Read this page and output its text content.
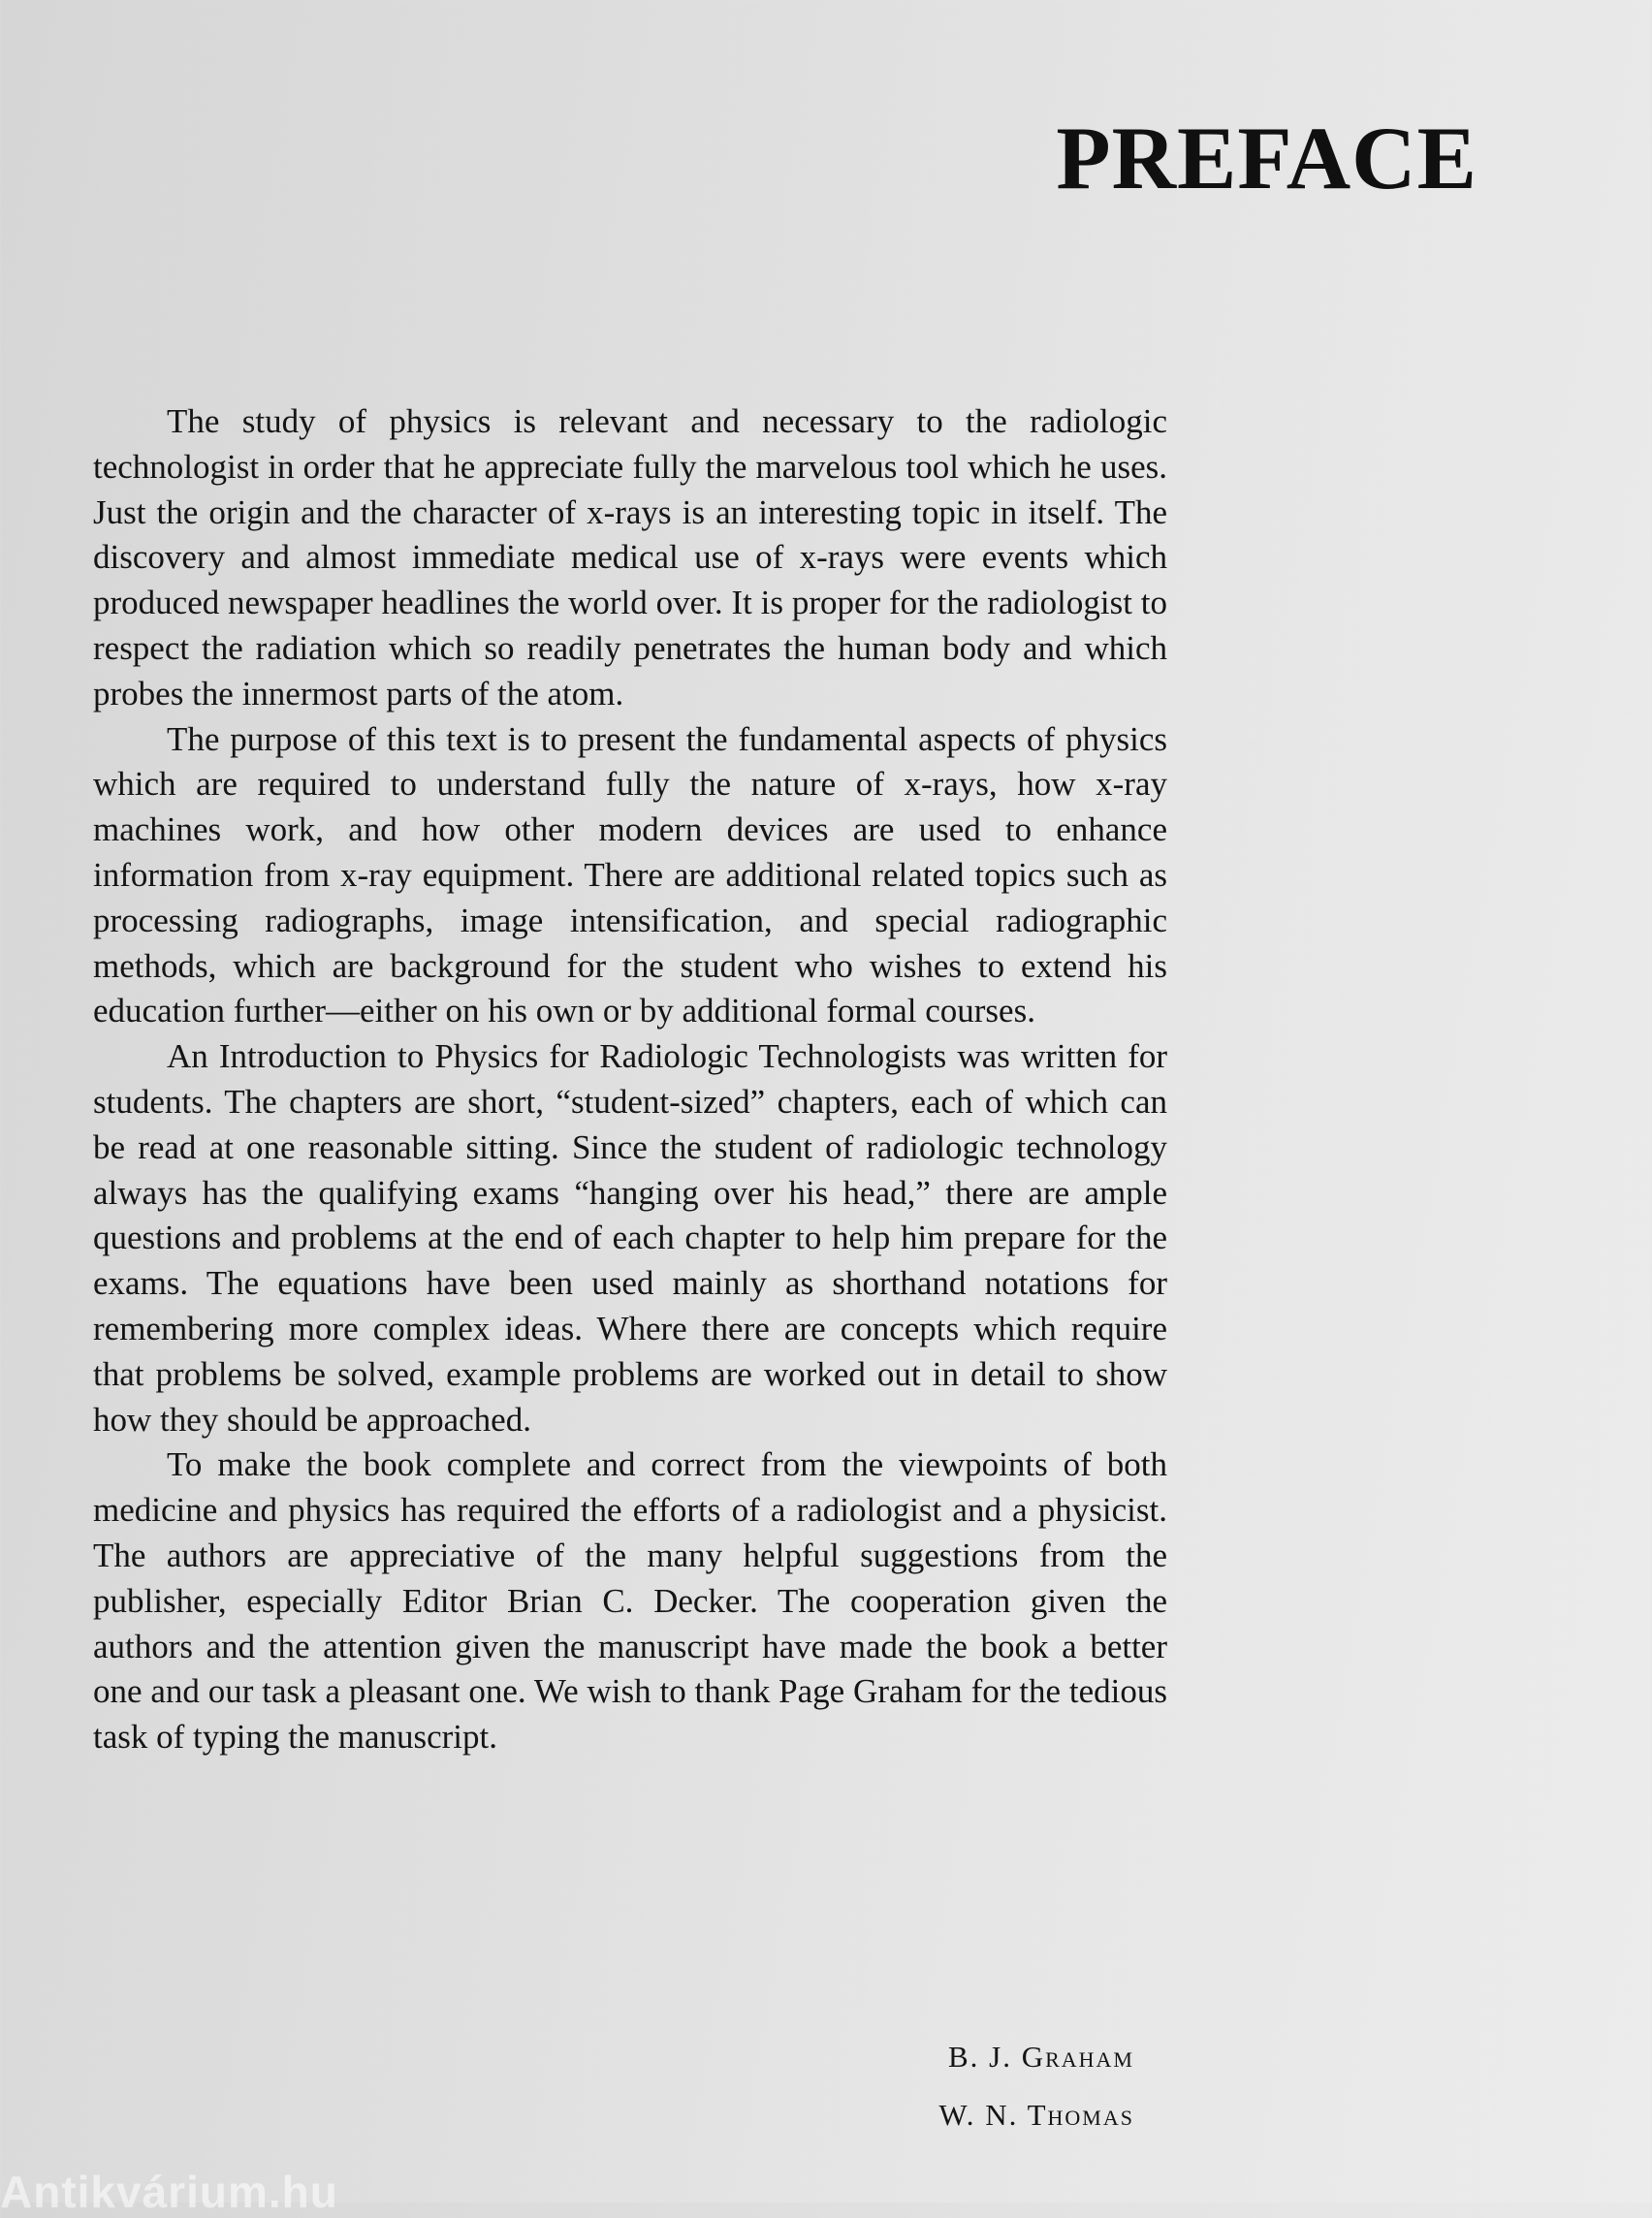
PREFACE

The study of physics is relevant and necessary to the radiologic technologist in order that he appreciate fully the marvelous tool which he uses. Just the origin and the character of x-rays is an interesting topic in itself. The discovery and almost immediate medical use of x-rays were events which produced newspaper headlines the world over. It is proper for the radiologist to respect the radiation which so readily penetrates the human body and which probes the innermost parts of the atom.

The purpose of this text is to present the fundamental aspects of physics which are required to understand fully the nature of x-rays, how x-ray machines work, and how other modern devices are used to enhance information from x-ray equipment. There are additional related topics such as processing radiographs, image intensification, and special radiographic methods, which are background for the student who wishes to extend his education further—either on his own or by additional formal courses.

An Introduction to Physics for Radiologic Technologists was written for students. The chapters are short, “student-sized” chapters, each of which can be read at one reasonable sitting. Since the student of radiologic technology always has the qualifying exams “hanging over his head,” there are ample questions and problems at the end of each chapter to help him prepare for the exams. The equations have been used mainly as shorthand notations for remembering more complex ideas. Where there are concepts which require that problems be solved, example problems are worked out in detail to show how they should be approached.

To make the book complete and correct from the viewpoints of both medicine and physics has required the efforts of a radiologist and a physicist. The authors are appreciative of the many helpful suggestions from the publisher, especially Editor Brian C. Decker. The cooperation given the authors and the attention given the manuscript have made the book a better one and our task a pleasant one. We wish to thank Page Graham for the tedious task of typing the manuscript.

B. J. Graham
W. N. Thomas
Antikvárium.hu
